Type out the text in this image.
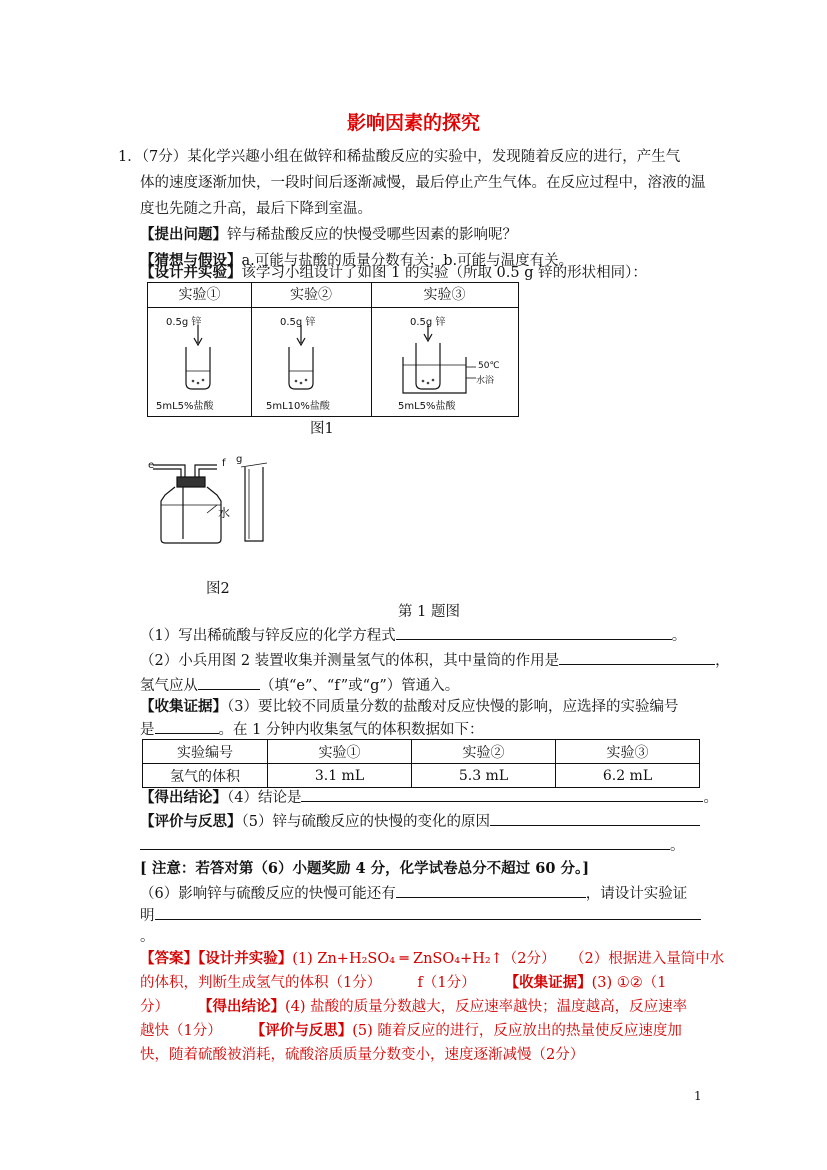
影响因素的探究
1．（7分）某化学兴趣小组在做锌和稀盐酸反应的实验中，发现随着反应的进行，产生气
体的速度逐渐加快，一段时间后逐渐减慢，最后停止产生气体。在反应过程中，溶液的温
度也先随之升高，最后下降到室温。
【提出问题】锌与稀盐酸反应的快慢受哪些因素的影响呢？
【猜想与假设】a.可能与盐酸的质量分数有关；b.可能与温度有关。
【设计并实验】该学习小组设计了如图 1 的实验（所取 0.5 g 锌的形状相同）：
实验①	实验②	实验③
0.5g 锌	0.5g 锌	0.5g 锌
5mL5%盐酸	5mL10%盐酸	5mL5%盐酸
50℃
水浴
图1
e	f g
水
图2
第 1 题图
（1）写出稀硫酸与锌反应的化学方程式	。
（2）小兵用图 2 装置收集并测量氢气的体积，其中量筒的作用是	，
氢气应从	（填“e”、“f”或“g”）管通入。
【收集证据】（3）要比较不同质量分数的盐酸对反应快慢的影响，应选择的实验编号
是	。在 1 分钟内收集氢气的体积数据如下：
实验编号	实验①	实验②	实验③
氢气的体积	3.1 mL	5.3 mL	6.2 mL
【得出结论】（4）结论是	。
【评价与反思】（5）锌与硫酸反应的快慢的变化的原因
。
[ 注意：若答对第（6）小题奖励 4 分，化学试卷总分不超过 60 分。]
（6）影响锌与硫酸反应的快慢可能还有	，请设计实验证
明
。
【答案】【设计并实验】(1) Zn+H₂SO₄ ═ ZnSO₄+H₂↑（2分）　　（2）根据进入量筒中水
的体积，判断生成氢气的体积（1分）　　　f（1分）　　　【收集证据】(3) ①②（1
分）　　　【得出结论】(4) 盐酸的质量分数越大，反应速率越快；温度越高，反应速率
越快（1分）　　　【评价与反思】(5) 随着反应的进行，反应放出的热量使反应速度加
快，随着硫酸被消耗，硫酸溶质质量分数变小，速度逐渐减慢（2分）
1
